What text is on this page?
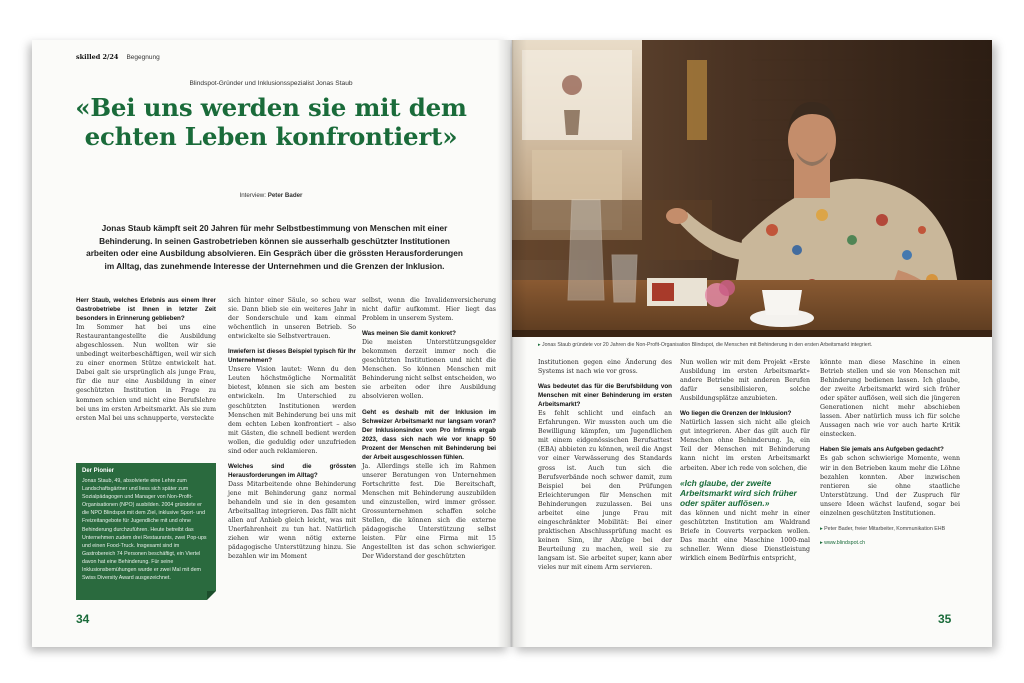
skilled 2/24 Begegnung
Blindspot-Gründer und Inklusionsspezialist Jonas Staub
«Bei uns werden sie mit dem echten Leben konfrontiert»
Interview: Peter Bader
Jonas Staub kämpft seit 20 Jahren für mehr Selbstbestimmung von Menschen mit einer Behinderung. In seinen Gastrobetrieben können sie ausserhalb geschützter Institutionen arbeiten oder eine Ausbildung absolvieren. Ein Gespräch über die grössten Herausforderungen im Alltag, das zunehmende Interesse der Unternehmen und die Grenzen der Inklusion.

Herr Staub, welches Erlebnis aus einem Ihrer Gastrobetriebe ist Ihnen in letzter Zeit besonders in Erinnerung geblieben?

Im Sommer hat bei uns eine Restaurantangestellte die Ausbildung abgeschlossen. Nun wollten wir sie unbedingt weiterbeschäftigen, weil wir sich zu einer enormen Stütze entwickelt hat. Dabei galt sie ursprünglich als junge Frau, für die nur eine Ausbildung in einer geschützten Institution in Frage zu kommen schien und nicht eine Berufslehre bei uns im ersten Arbeitsmarkt. Als sie zum ersten Mal bei uns schnupperte, versteckte

Der Pionier
Jonas Staub, 49, absolvierte eine Lehre zum Landschaftsgärtner und liess sich später zum Sozialpädagogen und Manager von Non-Profit-Organisationen (NPO) ausbilden. 2004 gründete er die NPO Blindspot mit dem Ziel, inklusive Sport- und Freizeitangebote für Jugendliche mit und ohne Behinderung durchzuführen. Heute betreibt das Unternehmen zudem drei Restaurants, zwei Pop-ups und einen Food-Truck. Insgesamt sind im Gastrobereich 74 Personen beschäftigt, ein Viertel davon hat eine Behinderung. Für seine Inklusionsbemühungen wurde er zwei Mal mit dem Swiss Diversity Award ausgezeichnet.

sich hinter einer Säule, so scheu war sie. Dann blieb sie ein weiteres Jahr in der Sonderschule und kam einmal wöchentlich in unseren Betrieb. So entwickelte sie Selbstvertrauen.

Inwiefern ist dieses Beispiel typisch für Ihr Unternehmen?

Unsere Vision lautet: Wenn du den Leuten höchstmögliche Normalität bietest, können sie sich am besten entwickeln. Im Unterschied zu geschützten Institutionen werden Menschen mit Behinderung bei uns mit dem echten Leben konfrontiert – also mit Gästen, die schnell bedient werden wollen, die geduldig oder unzufrieden sind oder auch reklamieren.

Welches sind die grössten Herausforderungen im Alltag?

Dass Mitarbeitende ohne Behinderung jene mit Behinderung ganz normal behandeln und sie in den gesamten Arbeitsalltag integrieren. Das fällt nicht allen auf Anhieb gleich leicht, was mit Unerfahrenheit zu tun hat. Natürlich ziehen wir wenn nötig externe pädagogische Unterstützung hinzu. Sie bezahlen wir im Moment

selbst, wenn die Invalidenversicherung nicht dafür aufkommt. Hier liegt das Problem in unserem System.

Was meinen Sie damit konkret?

Die meisten Unterstützungsgelder bekommen derzeit immer noch die geschützten Institutionen und nicht die Menschen. So können Menschen mit Behinderung nicht selbst entscheiden, wo sie arbeiten oder ihre Ausbildung absolvieren wollen.

Geht es deshalb mit der Inklusion im Schweizer Arbeitsmarkt nur langsam voran? Der Inklusionsindex von Pro Infirmis ergab 2023, dass sich nach wie vor knapp 50 Prozent der Menschen mit Behinderung bei der Arbeit ausgeschlossen fühlen.

Ja. Allerdings stelle ich im Rahmen unserer Beratungen von Unternehmen Fortschritte fest. Die Bereitschaft, Menschen mit Behinderung auszubilden und einzustellen, wird immer grösser. Grossunternehmen schaffen solche Stellen, die können sich die externe pädagogische Unterstützung selbst leisten. Für eine Firma mit 15 Angestellten ist das schon schwieriger. Der Widerstand der geschützten

34
▸ Jonas Staub gründete vor 20 Jahren die Non-Profit-Organisation Blindspot, die Menschen mit Behinderung in den ersten Arbeitsmarkt integriert.

Institutionen gegen eine Änderung des Systems ist nach wie vor gross.

Was bedeutet das für die Berufsbildung von Menschen mit einer Behinderung im ersten Arbeitsmarkt?

Es fehlt schlicht und einfach an Erfahrungen. Wir mussten auch um die Bewilligung kämpfen, um Jugendlichen mit einem eidgenössischen Berufsattest (EBA) abbieten zu können, weil die Angst vor einer Verwässerung des Standards gross ist. Auch tun sich die Berufsverbände noch schwer damit, zum Beispiel bei den Prüfungen Erleichterungen für Menschen mit Behinderungen zuzulassen. Bei uns arbeitet eine junge Frau mit eingeschränkter Mobilität: Bei einer praktischen Abschlussprüfung macht es keinen Sinn, ihr Abzüge bei der Beurteilung zu machen, weil sie zu langsam ist. Sie arbeitet super, kann aber vieles nur mit einem Arm servieren.

Nun wollen wir mit dem Projekt «Erste Ausbildung im ersten Arbeitsmarkt» andere Betriebe mit anderen Berufen dafür sensibilisieren, solche Ausbildungsplätze anzubieten.

Wo liegen die Grenzen der Inklusion?

Natürlich lassen sich nicht alle gleich gut integrieren. Aber das gilt auch für Menschen ohne Behinderung. Ja, ein Teil der Menschen mit Behinderung kann nicht im ersten Arbeitsmarkt arbeiten. Aber ich rede von solchen, die

«Ich glaube, der zweite Arbeitsmarkt wird sich früher oder später auflösen.»

das können und nicht mehr in einer geschützten Institution am Waldrand Briefe in Couverts verpacken wollen. Das macht eine Maschine 1000-mal schneller. Wenn diese Dienstleistung wirklich einem Bedürfnis entspricht,

könnte man diese Maschine in einen Betrieb stellen und sie von Menschen mit Behinderung bedienen lassen. Ich glaube, der zweite Arbeitsmarkt wird sich früher oder später auflösen, weil sich die jüngeren Generationen nicht mehr abschieben lassen. Aber natürlich muss ich für solche Aussagen nach wie vor auch harte Kritik einstecken.

Haben Sie jemals ans Aufgeben gedacht?

Es gab schon schwierige Momente, wenn wir in den Betrieben kaum mehr die Löhne bezahlen konnten. Aber inzwischen rentieren sie ohne staatliche Unterstützung. Und der Zuspruch für unsere Ideen wächst laufend, sogar bei einzelnen geschützten Institutionen.

▸ Peter Bader, freier Mitarbeiter, Kommunikation EHB

▸ www.blindspot.ch

35
